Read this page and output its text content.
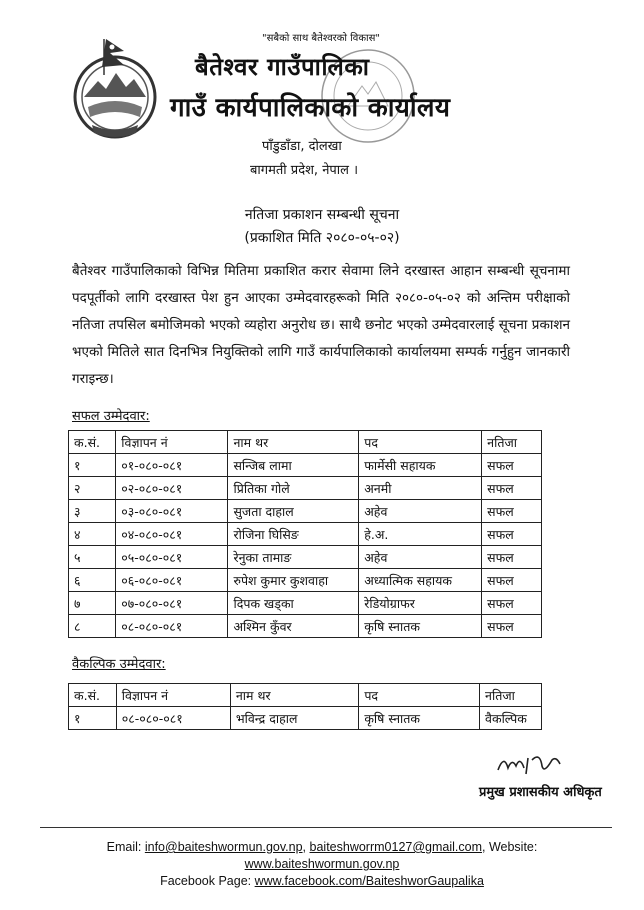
"सबैको साथ बैतेश्वरको विकास"
बैतेश्वर गाउँपालिका
गाउँ कार्यपालिकाको कार्यालय
पाँडुडाँडा, दोलखा
बागमती प्रदेश, नेपाल ।
नतिजा प्रकाशन सम्बन्धी सूचना
(प्रकाशित मिति २०८०-०५-०२)
बैतेश्वर गाउँपालिकाको विभिन्न मितिमा प्रकाशित करार सेवामा लिने दरखास्त आहान सम्बन्धी सूचनामा पदपूर्तीको लागि दरखास्त पेश हुन आएका उम्मेदवारहरूको मिति २०८०-०५-०२ को अन्तिम परीक्षाको नतिजा तपसिल बमोजिमको भएको व्यहोरा अनुरोध छ। साथै छनोट भएको उम्मेदवारलाई सूचना प्रकाशन भएको मितिले सात दिनभित्र नियुक्तिको लागि गाउँ कार्यपालिकाको कार्यालयमा सम्पर्क गर्नुहुन जानकारी गराइन्छ।
सफल उम्मेदवार:
क.सं.	विज्ञापन नं	नाम थर	पद	नतिजा
१	०१-०८०-०८१	सन्जिब लामा	फार्मेसी सहायक	सफल
२	०२-०८०-०८१	प्रितिका गोले	अनमी	सफल
३	०३-०८०-०८१	सुजता दाहाल	अहेव	सफल
४	०४-०८०-०८१	रोजिना घिसिङ	हे.अ.	सफल
५	०५-०८०-०८१	रेनुका तामाङ	अहेव	सफल
६	०६-०८०-०८१	रुपेश कुमार कुशवाहा	अध्यात्मिक सहायक	सफल
७	०७-०८०-०८१	दिपक खड्का	रेडियोग्राफर	सफल
८	०८-०८०-०८१	अश्मिन कुँवर	कृषि स्नातक	सफल
वैकल्पिक उम्मेदवार:
क.सं.	विज्ञापन नं	नाम थर	पद	नतिजा
१	०८-०८०-०८१	भविन्द्र दाहाल	कृषि स्नातक	वैकल्पिक
प्रमुख प्रशासकीय अधिकृत
Email: info@baiteshwormun.gov.np, baiteshworrm0127@gmail.com, Website:
www.baiteshwormun.gov.np
Facebook Page: www.facebook.com/BaiteshworGaupalika
